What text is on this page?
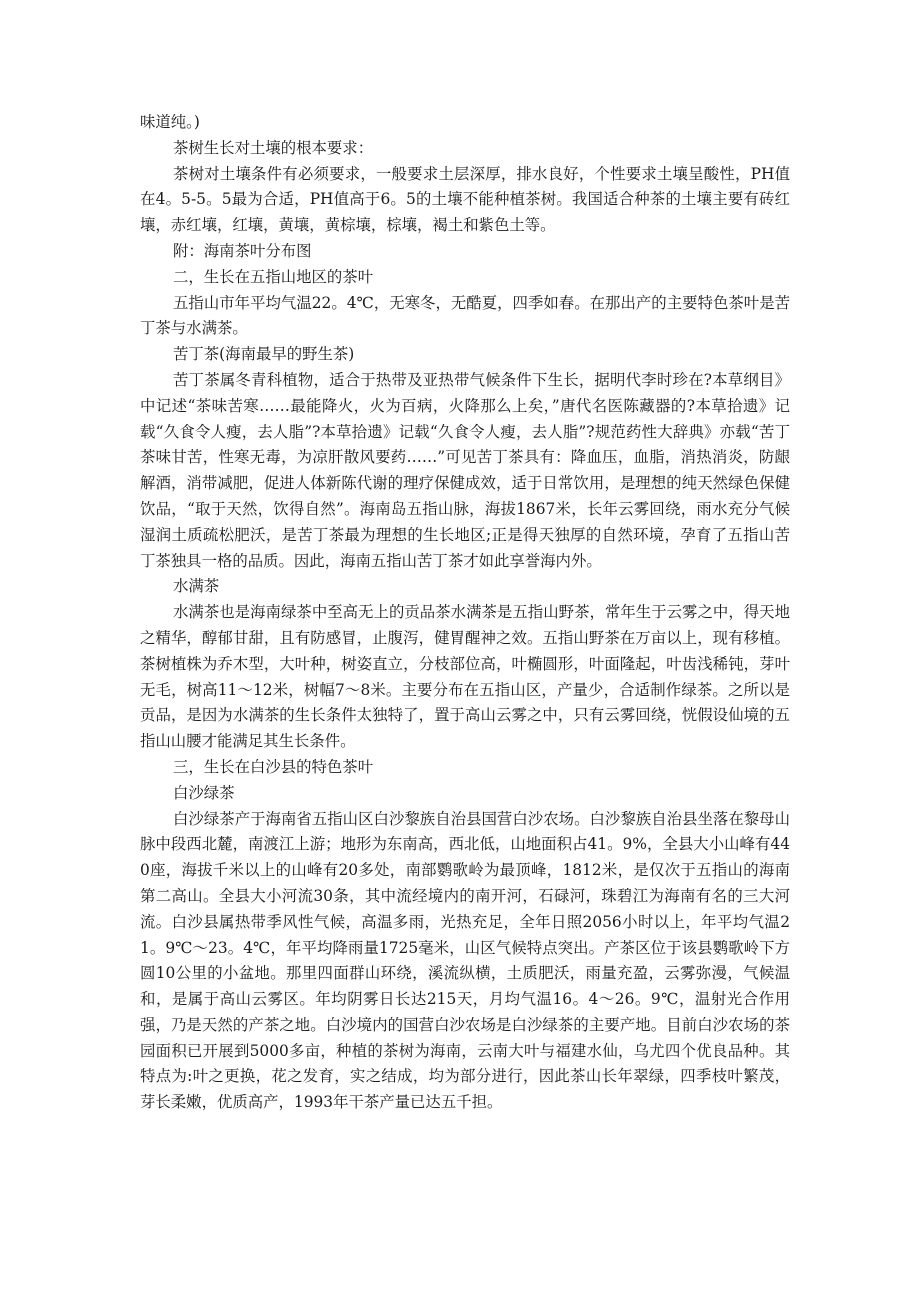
味道纯。)

茶树生长对土壤的根本要求：

茶树对土壤条件有必须要求，一般要求土层深厚，排水良好，个性要求土壤呈酸性，PH值在4。5-5。5最为合适，PH值高于6。5的土壤不能种植茶树。我国适合种茶的土壤主要有砖红壤，赤红壤，红壤，黄壤，黄棕壤，棕壤，褐土和紫色土等。

附：海南茶叶分布图

二，生长在五指山地区的茶叶

五指山市年平均气温22。4℃，无寒冬，无酷夏，四季如春。在那出产的主要特色茶叶是苦丁茶与水满茶。

苦丁茶(海南最早的野生茶)

苦丁茶属冬青科植物，适合于热带及亚热带气候条件下生长，据明代李时珍在?本草纲目》中记述“茶味苦寒……最能降火，火为百病，火降那么上矣，”唐代名医陈藏器的?本草拾遗》记载“久食令人瘦，去人脂”?本草拾遗》记载“久食令人瘦，去人脂”?规范药性大辞典》亦载“苦丁茶味甘苦，性寒无毒，为凉肝散风要药……”可见苦丁茶具有：降血压，血脂，消热消炎，防龈解酒，消带减肥，促进人体新陈代谢的理疗保健成效，适于日常饮用，是理想的纯天然绿色保健饮品，“取于天然，饮得自然”。海南岛五指山脉，海拔1867米，长年云雾回绕，雨水充分气候湿润土质疏松肥沃，是苦丁茶最为理想的生长地区;正是得天独厚的自然环境，孕育了五指山苦丁茶独具一格的品质。因此，海南五指山苦丁茶才如此享誉海内外。

水满茶

水满茶也是海南绿茶中至高无上的贡品茶水满茶是五指山野茶，常年生于云雾之中，得天地之精华，醇郁甘甜，且有防感冒，止腹泻，健胃醒神之效。五指山野茶在万亩以上，现有移植。茶树植株为乔木型，大叶种，树姿直立，分枝部位高，叶椭圆形，叶面隆起，叶齿浅稀钝，芽叶无毛，树高11～12米，树幅7～8米。主要分布在五指山区，产量少，合适制作绿茶。之所以是贡品，是因为水满茶的生长条件太独特了，置于高山云雾之中，只有云雾回绕，恍假设仙境的五指山山腰才能满足其生长条件。

三，生长在白沙县的特色茶叶

白沙绿茶

白沙绿茶产于海南省五指山区白沙黎族自治县国营白沙农场。白沙黎族自治县坐落在黎母山脉中段西北麓，南渡江上游；地形为东南高，西北低，山地面积占41。9%，全县大小山峰有440座，海拔千米以上的山峰有20多处，南部鹦歌岭为最顶峰，1812米，是仅次于五指山的海南第二高山。全县大小河流30条，其中流经境内的南开河，石碌河，珠碧江为海南有名的三大河流。白沙县属热带季风性气候，高温多雨，光热充足，全年日照2056小时以上，年平均气温21。9℃～23。4℃，年平均降雨量1725毫米，山区气候特点突出。产茶区位于该县鹦歌岭下方圆10公里的小盆地。那里四面群山环绕，溪流纵横，土质肥沃，雨量充盈，云雾弥漫，气候温和，是属于高山云雾区。年均阴雾日长达215天，月均气温16。4～26。9℃，温射光合作用强，乃是天然的产茶之地。白沙境内的国营白沙农场是白沙绿茶的主要产地。目前白沙农场的茶园面积已开展到5000多亩，种植的茶树为海南，云南大叶与福建水仙，乌尤四个优良品种。其特点为:叶之更换，花之发育，实之结成，均为部分进行，因此茶山长年翠绿，四季枝叶繁茂，芽长柔嫩，优质高产，1993年干茶产量已达五千担。
